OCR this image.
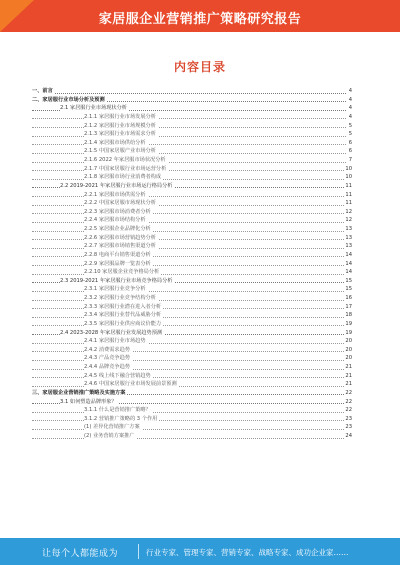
家居服企业营销推广策略研究报告
内容目录
一、前言	4
二、家居服行业市场分析及预测	4
2.1 家居服行业市场现状分析	4
2.1.1 家居服行业市场发展分析	4
2.1.2 家居服行业市场规模分析	5
2.1.3 家居服行业市场需求分析	5
2.1.4 家居服市场供给分析	6
2.1.5 中国家居服产业市场分析	6
2.1.6 2022 年家居服市场状况分析	7
2.1.7 中国家居服行业市场运营分析	10
2.1.8 家居服市场行业消费者构成	10
2.2 2019-2021 年家居服行业市场运行格局分析	11
2.2.1 家居服市场供需分析	11
2.2.2 中国家居服市场现状分析	11
2.2.3 家居服市场消费者分析	12
2.2.4 家居服市场结构分析	12
2.2.5 家居服企业品牌化分析	13
2.2.6 家居服市场营销趋势分析	13
2.2.7 家居服市场销售渠道分析	13
2.2.8 电商平台销售渠道分析	14
2.2.9 家居服品牌一览表分析	14
2.2.10 家居服企业竞争格局分析	14
2.3 2019-2021 年家居服行业市场竞争格局分析	15
2.3.1 家居服行业竞争分析	15
2.3.2 家居服行业竞争结构分析	16
2.3.3 家居服行业潜在进入者分析	17
2.3.4 家居服行业替代品威胁分析	18
2.3.5 家居服行业供应商议价能力	19
2.4 2023-2028 年家居服行业发展趋势预测	19
2.4.1 家居服行业市场趋势	20
2.4.2 消费需求趋势	20
2.4.3 产品竞争趋势	20
2.4.4 品牌竞争趋势	21
2.4.5 线上线下融合营销趋势	21
2.4.6 中国家居服行业市场发展前景预测	21
三、家居服企业营销推广策略及实施方案	22
3.1 如何塑造品牌形象？	22
3.1.1 什么是营销推广策略？	22
3.1.2 营销推广策略的 3 个作用	23
(1) 差异化营销推广方案	23
(2) 业务营销方案推广	24
让每个人都能成为	行业专家、管理专家、营销专家、战略专家、成功企业家……
